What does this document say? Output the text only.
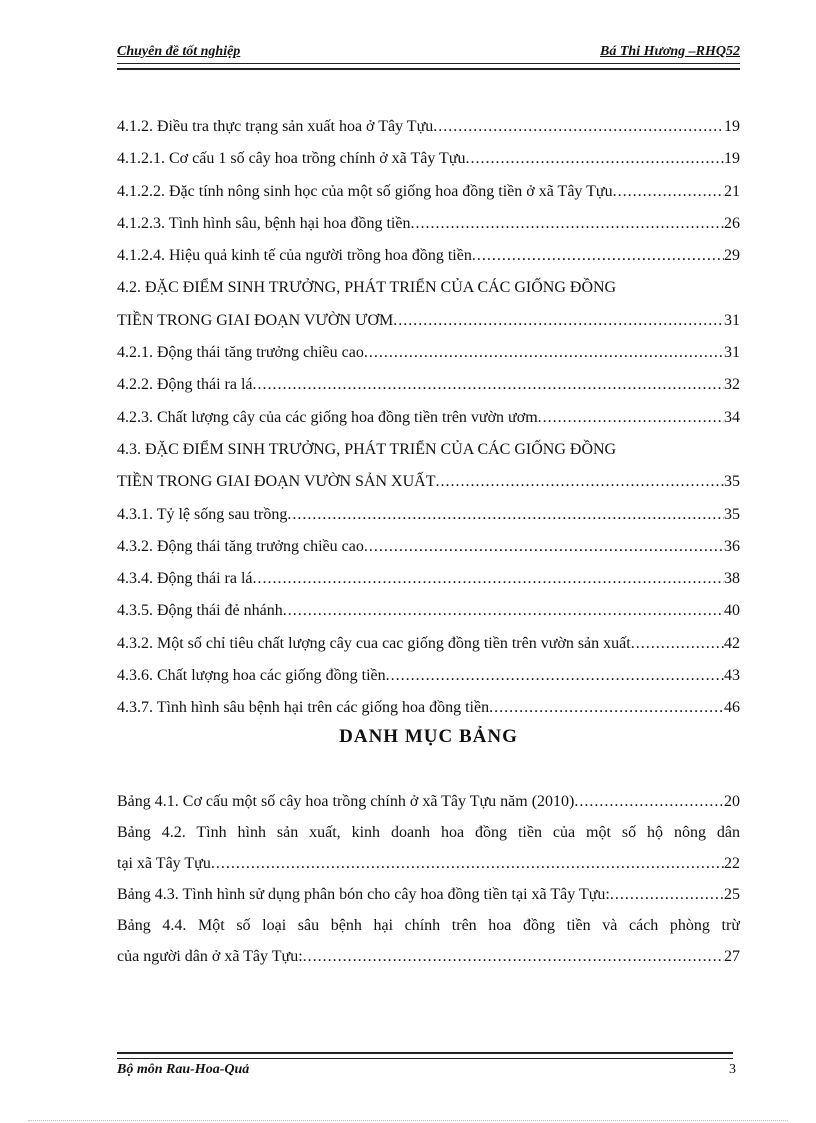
Chuyên đề tốt nghiệp	Bá Thi Hương –RHQ52
4.1.2. Điều tra thực trạng sản xuất hoa ở Tây Tựu .....	19
4.1.2.1. Cơ cấu 1 số cây hoa trồng chính ở xã Tây Tựu .....	19
4.1.2.2. Đặc tính nông sinh học của một số giống hoa đồng tiền ở xã Tây Tựu .....	21
4.1.2.3. Tình hình sâu, bệnh hại hoa đồng tiền .....	26
4.1.2.4. Hiệu quả kinh tế của người trồng hoa đồng tiền .....	29
4.2. ĐẶC ĐIỂM SINH TRƯỞNG, PHÁT TRIỂN CỦA CÁC GIỐNG ĐỒNG
TIỀN TRONG GIAI ĐOẠN VƯỜN ƯƠM .....	31
4.2.1. Động thái tăng trưởng chiều cao .....	31
4.2.2. Động thái ra lá .....	32
4.2.3. Chất lượng cây của các giống hoa đồng tiền trên vườn ươm .....	34
4.3. ĐẶC ĐIỂM SINH TRƯỞNG, PHÁT TRIỂN CỦA CÁC GIỐNG ĐỒNG
TIỀN TRONG GIAI ĐOẠN VƯỜN SẢN XUẤT .....	35
4.3.1. Tỷ lệ sống sau trồng .....	35
4.3.2. Động thái tăng trưởng chiều cao .....	36
4.3.4. Động thái ra lá .....	38
4.3.5. Động thái đẻ nhánh .....	40
4.3.2. Một số chỉ tiêu chất lượng cây cua cac giống đồng tiền trên vườn sản xuất .....	42
4.3.6. Chất lượng hoa các giống đồng tiền .....	43
4.3.7. Tình hình sâu bệnh hại trên các giống hoa đồng tiền .....	46
DANH MỤC BẢNG
Bảng 4.1. Cơ cấu một số cây hoa trồng chính ở xã Tây Tựu năm (2010) .....	20
Bảng 4.2. Tình hình sản xuất, kinh doanh hoa đồng tiền của một số hộ nông dân
tại xã Tây Tựu .....	22
Bảng 4.3. Tình hình sử dụng phân bón cho cây hoa đồng tiền tại xã Tây Tựu: .....	25
Bảng 4.4. Một số loại sâu bệnh hại chính trên hoa đồng tiền và cách phòng trừ
của người dân ở xã Tây Tựu: .....	27
Bộ môn Rau-Hoa-Quả	3
